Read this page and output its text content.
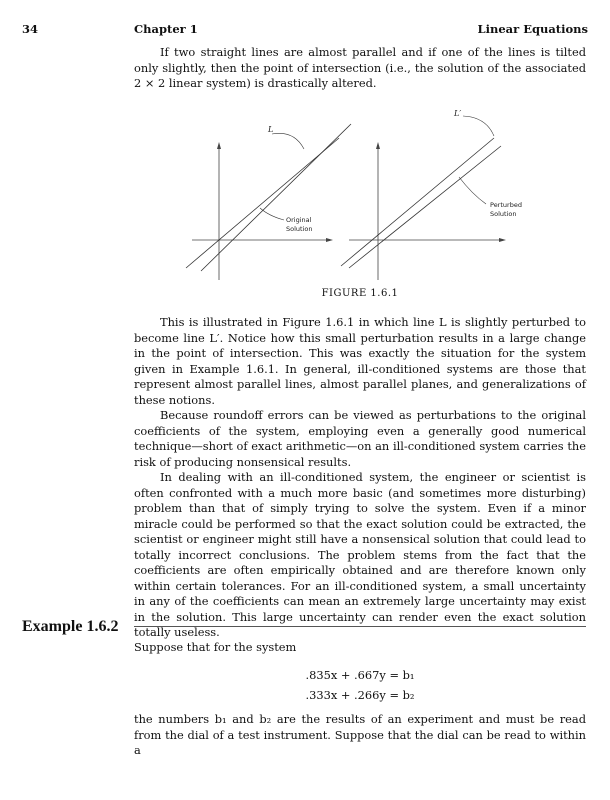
34	Chapter 1	Linear Equations

If two straight lines are almost parallel and if one of the lines is tilted only slightly, then the point of intersection (i.e., the solution of the associated 2 × 2 linear system) is drastically altered.

L
Original
Solution
L′
Perturbed
Solution
FIGURE 1.6.1

This is illustrated in Figure 1.6.1 in which line L is slightly perturbed to become line L′. Notice how this small perturbation results in a large change in the point of intersection. This was exactly the situation for the system given in Example 1.6.1. In general, ill-conditioned systems are those that represent almost parallel lines, almost parallel planes, and generalizations of these notions.

Because roundoff errors can be viewed as perturbations to the original coefficients of the system, employing even a generally good numerical technique—short of exact arithmetic—on an ill-conditioned system carries the risk of producing nonsensical results.

In dealing with an ill-conditioned system, the engineer or scientist is often confronted with a much more basic (and sometimes more disturbing) problem than that of simply trying to solve the system. Even if a minor miracle could be performed so that the exact solution could be extracted, the scientist or engineer might still have a nonsensical solution that could lead to totally incorrect conclusions. The problem stems from the fact that the coefficients are often empirically obtained and are therefore known only within certain tolerances. For an ill-conditioned system, a small uncertainty in any of the coefficients can mean an extremely large uncertainty may exist in the solution. This large uncertainty can render even the exact solution totally useless.

Example 1.6.2

Suppose that for the system

.835x + .667y = b₁
.333x + .266y = b₂

the numbers b₁ and b₂ are the results of an experiment and must be read from the dial of a test instrument. Suppose that the dial can be read to within a
